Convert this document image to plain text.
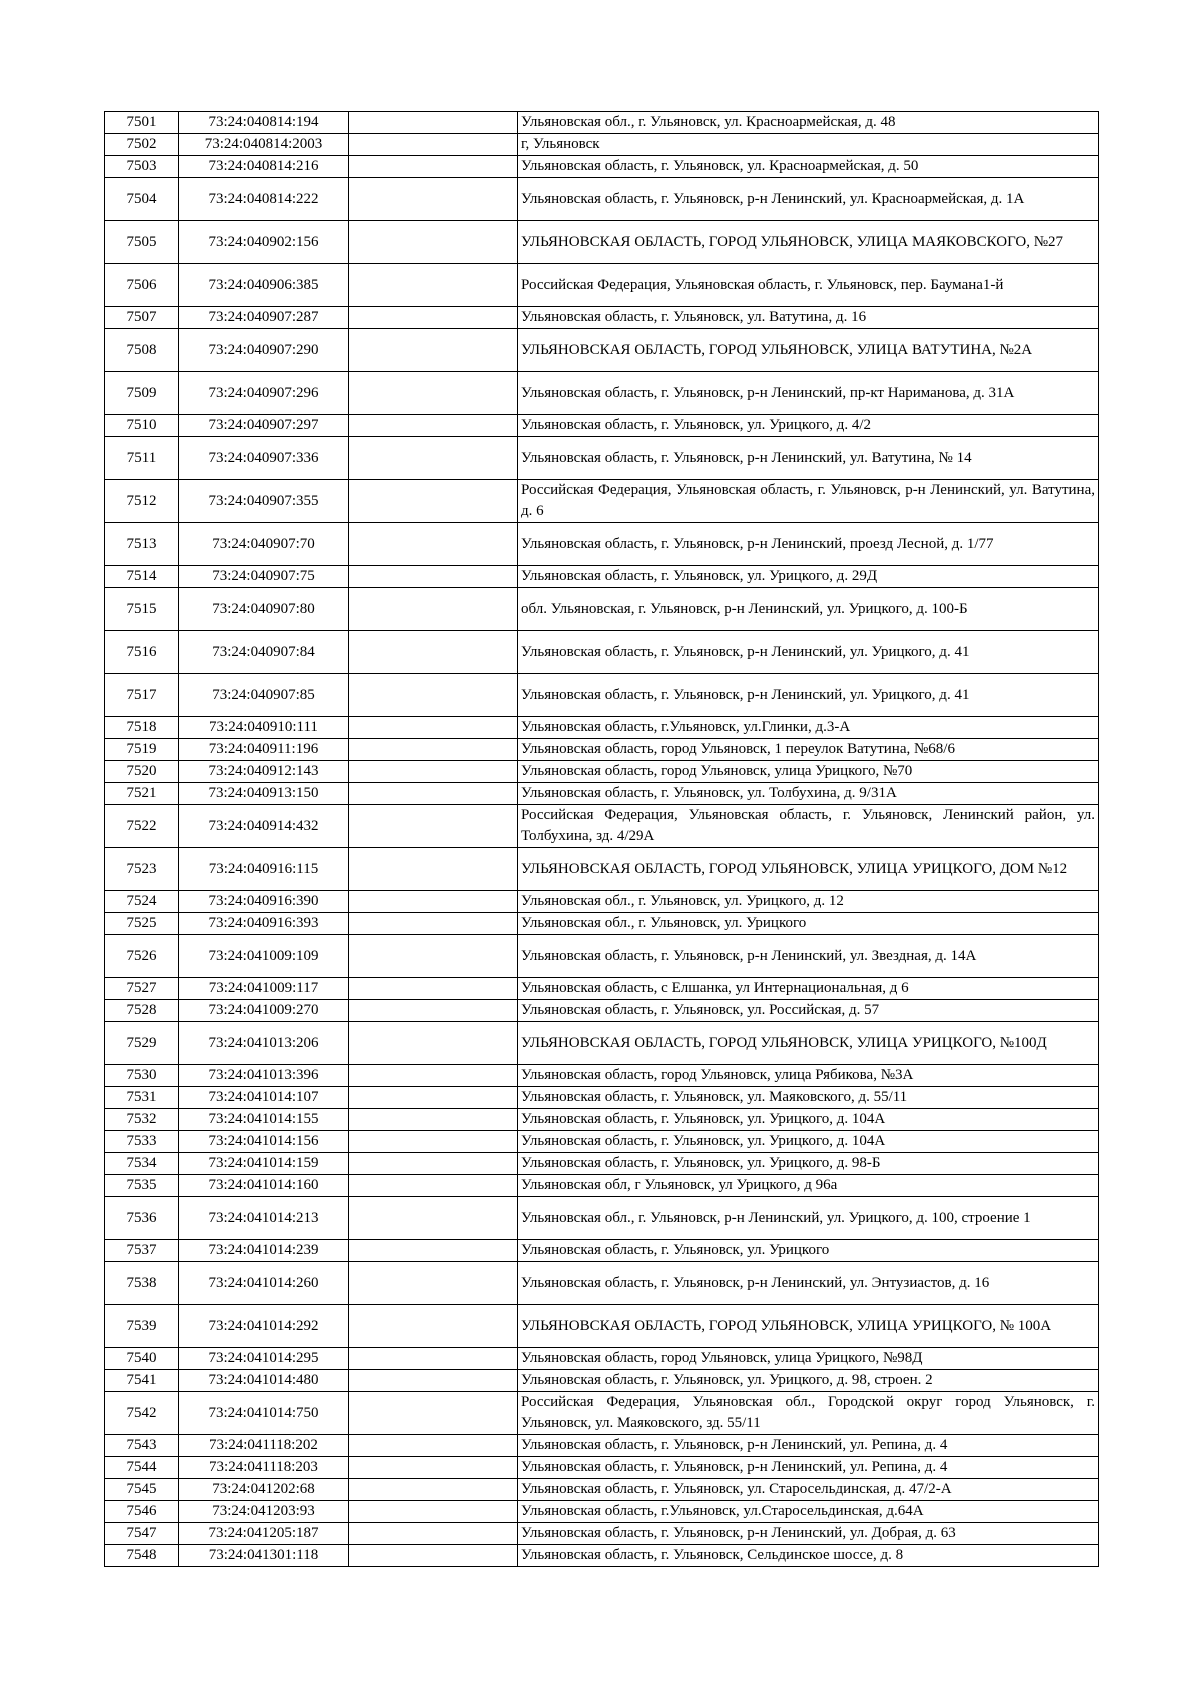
7501	73:24:040814:194		Ульяновская обл., г. Ульяновск, ул. Красноармейская, д. 48
7502	73:24:040814:2003		г, Ульяновск
7503	73:24:040814:216		Ульяновская область, г. Ульяновск, ул. Красноармейская, д. 50
7504	73:24:040814:222		Ульяновская область, г. Ульяновск, р-н Ленинский, ул. Красноармейская, д. 1А
7505	73:24:040902:156		УЛЬЯНОВСКАЯ ОБЛАСТЬ, ГОРОД УЛЬЯНОВСК, УЛИЦА МАЯКОВСКОГО, №27
7506	73:24:040906:385		Российская Федерация, Ульяновская область, г. Ульяновск, пер. Баумана1-й
7507	73:24:040907:287		Ульяновская область, г. Ульяновск, ул. Ватутина, д. 16
7508	73:24:040907:290		УЛЬЯНОВСКАЯ ОБЛАСТЬ, ГОРОД УЛЬЯНОВСК, УЛИЦА ВАТУТИНА, №2А
7509	73:24:040907:296		Ульяновская область, г. Ульяновск, р-н Ленинский, пр-кт Нариманова, д. 31А
7510	73:24:040907:297		Ульяновская область, г. Ульяновск, ул. Урицкого, д. 4/2
7511	73:24:040907:336		Ульяновская область, г. Ульяновск, р-н Ленинский, ул. Ватутина, № 14
7512	73:24:040907:355		Российская Федерация, Ульяновская область, г. Ульяновск, р-н Ленинский, ул. Ватутина, д. 6
7513	73:24:040907:70		Ульяновская область, г. Ульяновск, р-н Ленинский, проезд Лесной, д. 1/77
7514	73:24:040907:75		Ульяновская область, г. Ульяновск, ул. Урицкого, д. 29Д
7515	73:24:040907:80		обл. Ульяновская, г. Ульяновск, р-н Ленинский, ул. Урицкого, д. 100-Б
7516	73:24:040907:84		Ульяновская область, г. Ульяновск, р-н Ленинский, ул. Урицкого, д. 41
7517	73:24:040907:85		Ульяновская область, г. Ульяновск, р-н Ленинский, ул. Урицкого, д. 41
7518	73:24:040910:111		Ульяновская область, г.Ульяновск, ул.Глинки, д.3-А
7519	73:24:040911:196		Ульяновская область, город Ульяновск, 1 переулок Ватутина, №68/6
7520	73:24:040912:143		Ульяновская область, город Ульяновск, улица Урицкого, №70
7521	73:24:040913:150		Ульяновская область, г. Ульяновск, ул. Толбухина, д. 9/31А
7522	73:24:040914:432		Российская Федерация, Ульяновская область, г. Ульяновск, Ленинский район, ул. Толбухина, зд. 4/29А
7523	73:24:040916:115		УЛЬЯНОВСКАЯ ОБЛАСТЬ, ГОРОД УЛЬЯНОВСК, УЛИЦА УРИЦКОГО, ДОМ №12
7524	73:24:040916:390		Ульяновская обл., г. Ульяновск, ул. Урицкого, д. 12
7525	73:24:040916:393		Ульяновская обл., г. Ульяновск, ул. Урицкого
7526	73:24:041009:109		Ульяновская область, г. Ульяновск, р-н Ленинский, ул. Звездная, д. 14А
7527	73:24:041009:117		Ульяновская область, с Елшанка, ул Интернациональная, д 6
7528	73:24:041009:270		Ульяновская область, г. Ульяновск, ул. Российская, д. 57
7529	73:24:041013:206		УЛЬЯНОВСКАЯ ОБЛАСТЬ, ГОРОД УЛЬЯНОВСК, УЛИЦА УРИЦКОГО, №100Д
7530	73:24:041013:396		Ульяновская область, город Ульяновск, улица Рябикова, №3А
7531	73:24:041014:107		Ульяновская область, г. Ульяновск, ул. Маяковского, д. 55/11
7532	73:24:041014:155		Ульяновская область, г. Ульяновск, ул. Урицкого, д. 104А
7533	73:24:041014:156		Ульяновская область, г. Ульяновск, ул. Урицкого, д. 104А
7534	73:24:041014:159		Ульяновская область, г. Ульяновск, ул. Урицкого, д. 98-Б
7535	73:24:041014:160		Ульяновская обл, г Ульяновск, ул Урицкого, д 96а
7536	73:24:041014:213		Ульяновская обл., г. Ульяновск, р-н Ленинский, ул. Урицкого, д. 100, строение 1
7537	73:24:041014:239		Ульяновская область, г. Ульяновск, ул. Урицкого
7538	73:24:041014:260		Ульяновская область, г. Ульяновск, р-н Ленинский, ул. Энтузиастов, д. 16
7539	73:24:041014:292		УЛЬЯНОВСКАЯ ОБЛАСТЬ, ГОРОД УЛЬЯНОВСК, УЛИЦА УРИЦКОГО, № 100А
7540	73:24:041014:295		Ульяновская область, город Ульяновск, улица Урицкого, №98Д
7541	73:24:041014:480		Ульяновская область, г. Ульяновск, ул. Урицкого, д. 98, строен. 2
7542	73:24:041014:750		Российская Федерация, Ульяновская обл., Городской округ город Ульяновск, г. Ульяновск, ул. Маяковского, зд. 55/11
7543	73:24:041118:202		Ульяновская область, г. Ульяновск, р-н Ленинский, ул. Репина, д. 4
7544	73:24:041118:203		Ульяновская область, г. Ульяновск, р-н Ленинский, ул. Репина, д. 4
7545	73:24:041202:68		Ульяновская область, г. Ульяновск, ул. Старосельдинская, д. 47/2-А
7546	73:24:041203:93		Ульяновская область, г.Ульяновск, ул.Старосельдинская, д.64А
7547	73:24:041205:187		Ульяновская область, г. Ульяновск, р-н Ленинский, ул. Добрая, д. 63
7548	73:24:041301:118		Ульяновская область, г. Ульяновск, Сельдинское шоссе, д. 8
